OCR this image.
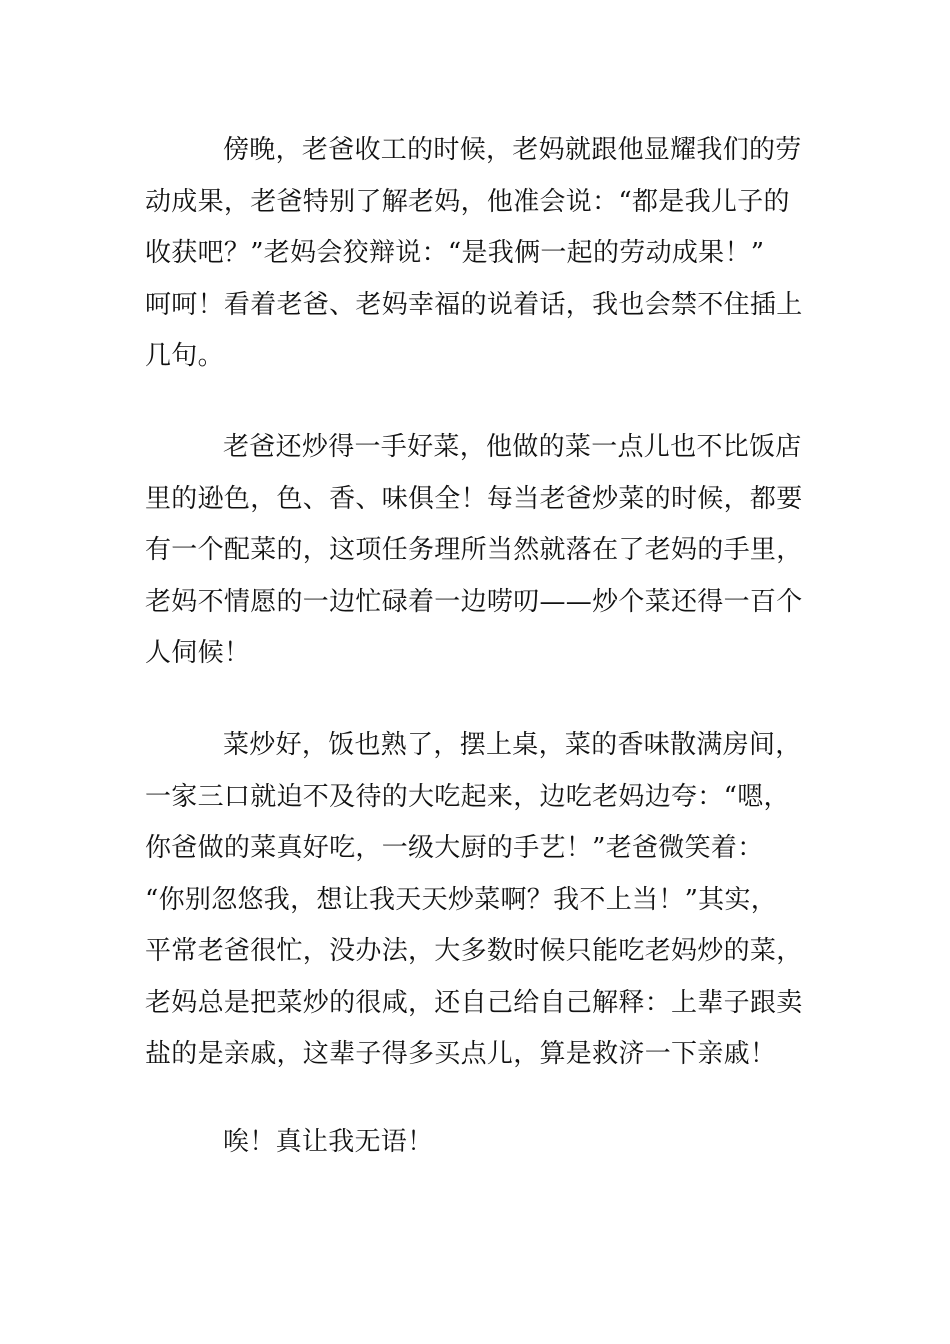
傍晚，老爸收工的时候，老妈就跟他显耀我们的劳
动成果，老爸特别了解老妈，他准会说：“都是我儿子的
收获吧？”老妈会狡辩说：“是我俩一起的劳动成果！”
呵呵！看着老爸、老妈幸福的说着话，我也会禁不住插上
几句。
老爸还炒得一手好菜，他做的菜一点儿也不比饭店
里的逊色，色、香、味俱全！每当老爸炒菜的时候，都要
有一个配菜的，这项任务理所当然就落在了老妈的手里，
老妈不情愿的一边忙碌着一边唠叨——炒个菜还得一百个
人伺候！
菜炒好，饭也熟了，摆上桌，菜的香味散满房间，
一家三口就迫不及待的大吃起来，边吃老妈边夸：“嗯，
你爸做的菜真好吃，一级大厨的手艺！”老爸微笑着：
“你别忽悠我，想让我天天炒菜啊？我不上当！”其实，
平常老爸很忙，没办法，大多数时候只能吃老妈炒的菜，
老妈总是把菜炒的很咸，还自己给自己解释：上辈子跟卖
盐的是亲戚，这辈子得多买点儿，算是救济一下亲戚！
唉！真让我无语！
